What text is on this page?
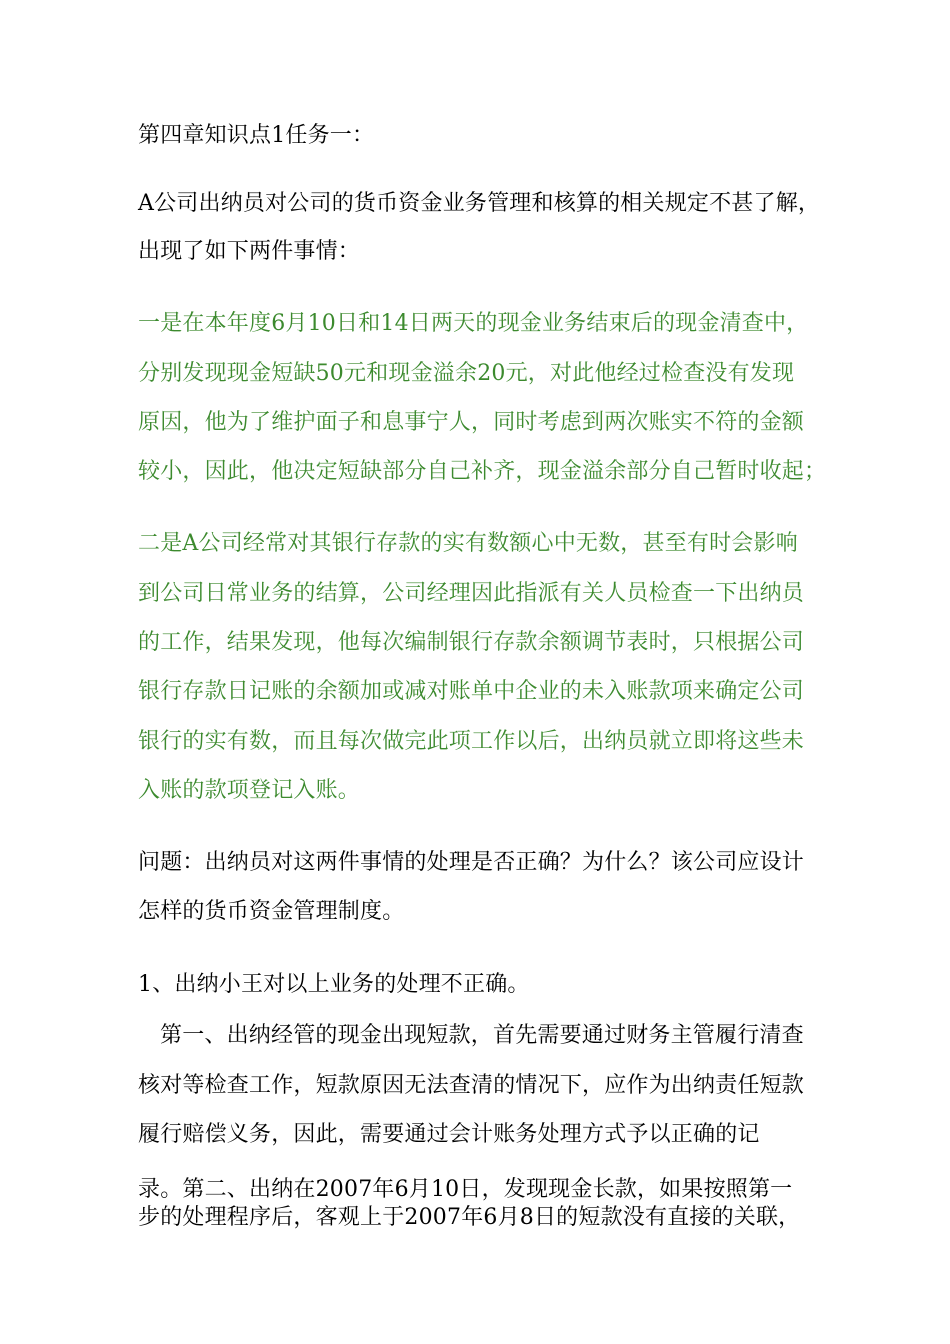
第四章知识点1任务一：
A公司出纳员对公司的货币资金业务管理和核算的相关规定不甚了解，
出现了如下两件事情：
一是在本年度6月10日和14日两天的现金业务结束后的现金清查中，
分别发现现金短缺50元和现金溢余20元，对此他经过检查没有发现
原因，他为了维护面子和息事宁人，同时考虑到两次账实不符的金额
较小，因此，他决定短缺部分自己补齐，现金溢余部分自己暂时收起；
二是A公司经常对其银行存款的实有数额心中无数，甚至有时会影响
到公司日常业务的结算，公司经理因此指派有关人员检查一下出纳员
的工作，结果发现，他每次编制银行存款余额调节表时，只根据公司
银行存款日记账的余额加或减对账单中企业的未入账款项来确定公司
银行的实有数，而且每次做完此项工作以后，出纳员就立即将这些未
入账的款项登记入账。
问题：出纳员对这两件事情的处理是否正确？为什么？该公司应设计
怎样的货币资金管理制度。
1、出纳小王对以上业务的处理不正确。
第一、出纳经管的现金出现短款，首先需要通过财务主管履行清查
核对等检查工作，短款原因无法查清的情况下，应作为出纳责任短款
履行赔偿义务，因此，需要通过会计账务处理方式予以正确的记
录。第二、出纳在2007年6月10日，发现现金长款，如果按照第一
步的处理程序后，客观上于2007年6月8日的短款没有直接的关联，
